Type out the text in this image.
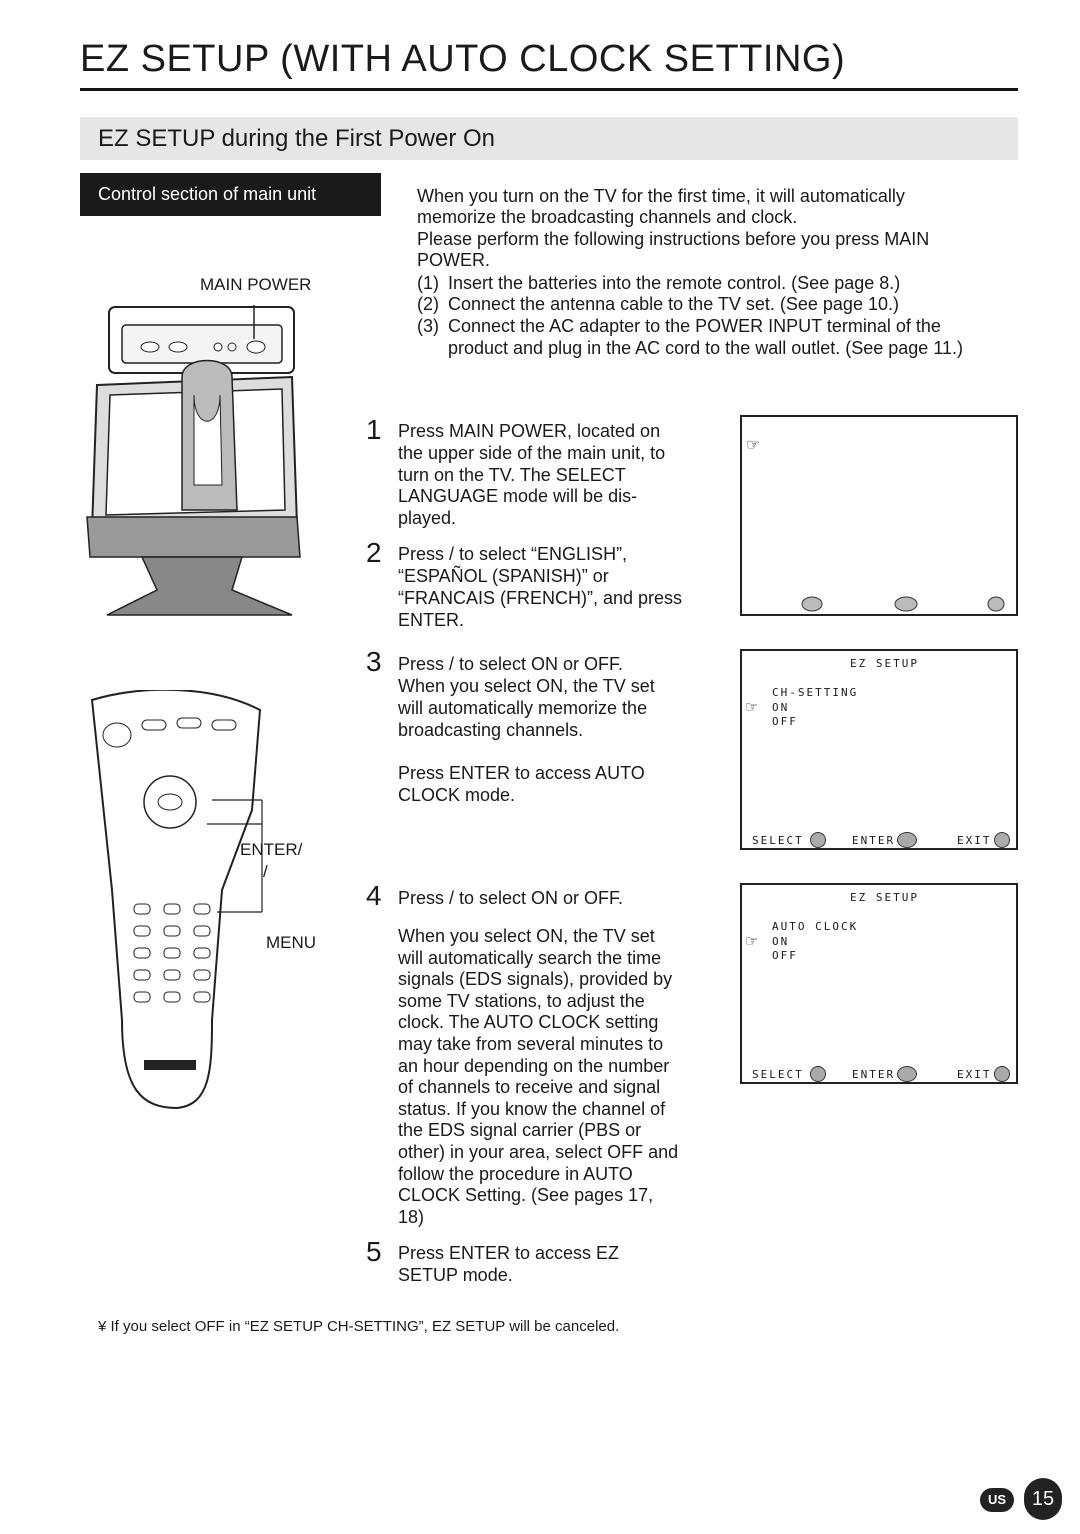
EZ SETUP (WITH AUTO CLOCK SETTING)
EZ SETUP during the First Power On
Control section of main unit	When you turn on the TV for the first time, it will automatically
memorize the broadcasting channels and clock.
Please perform the following instructions before you press MAIN
POWER.
(1) Insert the batteries into the remote control. (See page 8.)
(2) Connect the antenna cable to the TV set. (See page 10.)
(3) Connect the AC adapter to the POWER INPUT terminal of the
product and plug in the AC cord to the wall outlet. (See page 11.)
MAIN POWER
ENTER/
/
MENU
1 Press MAIN POWER, located on
the upper side of the main unit, to
turn on the TV. The SELECT
LANGUAGE mode will be dis-
played.
2 Press / to select “ENGLISH”,
“ESPAÑOL (SPANISH)” or
“FRANCAIS (FRENCH)”, and press
ENTER.
3 Press / to select ON or OFF.
When you select ON, the TV set
will automatically memorize the
broadcasting channels.
Press ENTER to access AUTO
CLOCK mode.
4 Press / to select ON or OFF.
When you select ON, the TV set
will automatically search the time
signals (EDS signals), provided by
some TV stations, to adjust the
clock. The AUTO CLOCK setting
may take from several minutes to
an hour depending on the number
of channels to receive and signal
status. If you know the channel of
the EDS signal carrier (PBS or
other) in your area, select OFF and
follow the procedure in AUTO
CLOCK Setting. (See pages 17,
18)
5 Press ENTER to access EZ
SETUP mode.
☞
EZ SETUP
CH-SETTING
☞ ON
OFF
SELECT	ENTER	EXIT
EZ SETUP
AUTO CLOCK
☞ ON
OFF
SELECT	ENTER	EXIT
¥ If you select OFF in “EZ SETUP CH-SETTING”, EZ SETUP will be canceled.
US	15
